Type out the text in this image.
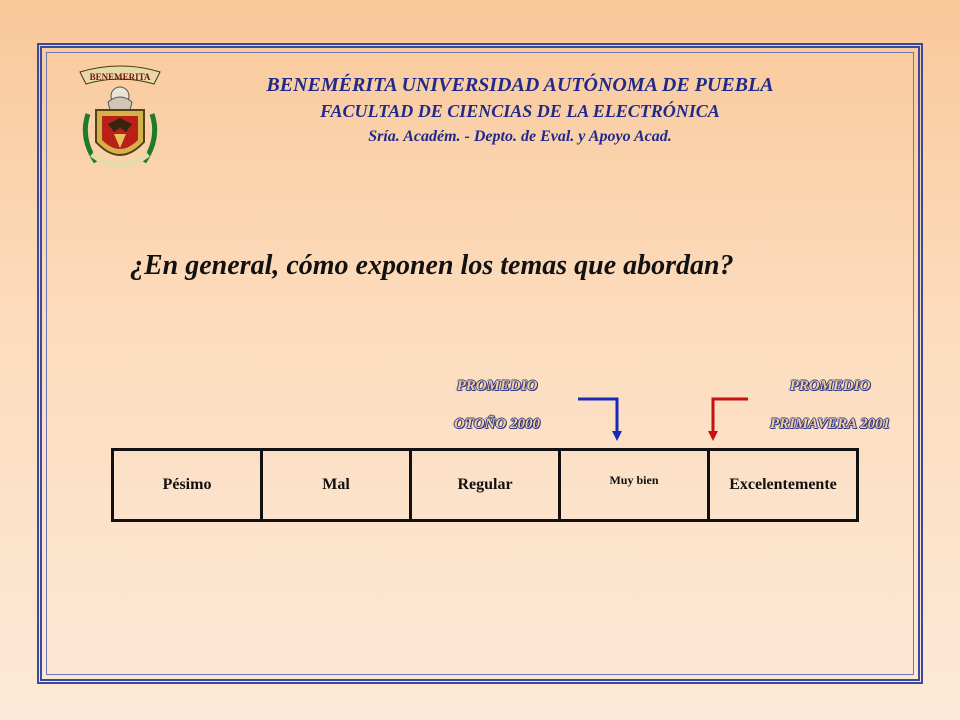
BENEMERITA	BENEMÉRITA UNIVERSIDAD AUTÓNOMA DE PUEBLA
FACULTAD DE CIENCIAS DE LA ELECTRÓNICA
Sría. Académ. - Depto. de Eval. y Apoyo Acad.
¿En general, cómo exponen los temas que abordan?
PROMEDIO
OTOÑO 2000
PROMEDIO
PRIMAVERA 2001
Pésimo	Mal	Regular	Muy bien	Excelentemente
